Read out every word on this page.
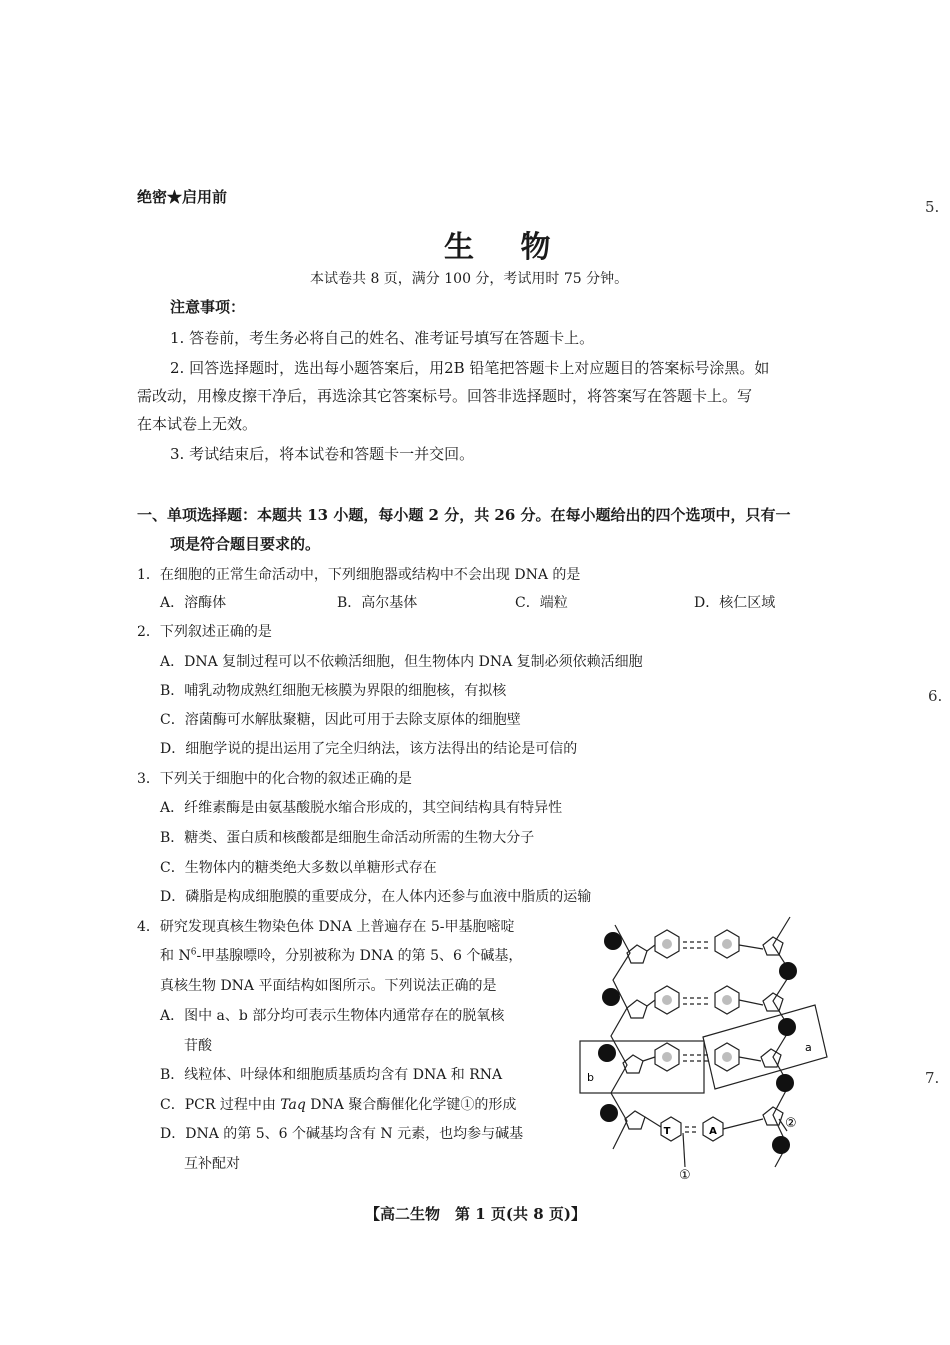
绝密★启用前
生 物
本试卷共 8 页，满分 100 分，考试用时 75 分钟。
注意事项：
1. 答卷前，考生务必将自己的姓名、准考证号填写在答题卡上。
2. 回答选择题时，选出每小题答案后，用2B 铅笔把答题卡上对应题目的答案标号涂黑。如
需改动，用橡皮擦干净后，再选涂其它答案标号。回答非选择题时，将答案写在答题卡上。写
在本试卷上无效。
3. 考试结束后，将本试卷和答题卡一并交回。
一、单项选择题：本题共 13 小题，每小题 2 分，共 26 分。在每小题给出的四个选项中，只有一
项是符合题目要求的。
1．在细胞的正常生命活动中，下列细胞器或结构中不会出现 DNA 的是
A．溶酶体	B．高尔基体	C．端粒	D．核仁区域
2．下列叙述正确的是
A．DNA 复制过程可以不依赖活细胞，但生物体内 DNA 复制必须依赖活细胞
B．哺乳动物成熟红细胞无核膜为界限的细胞核，有拟核
C．溶菌酶可水解肽聚糖，因此可用于去除支原体的细胞壁
D．细胞学说的提出运用了完全归纳法，该方法得出的结论是可信的
3．下列关于细胞中的化合物的叙述正确的是
A．纤维素酶是由氨基酸脱水缩合形成的，其空间结构具有特异性
B．糖类、蛋白质和核酸都是细胞生命活动所需的生物大分子
C．生物体内的糖类绝大多数以单糖形式存在
D．磷脂是构成细胞膜的重要成分，在人体内还参与血液中脂质的运输
4．研究发现真核生物染色体 DNA 上普遍存在 5-甲基胞嘧啶
和 $N^6-$甲基腺嘌呤，分别被称为 DNA 的第 5、6 个碱基，
真核生物 DNA 平面结构如图所示。下列说法正确的是
A．图中 a、b 部分均可表示生物体内通常存在的脱氧核
苷酸
B．线粒体、叶绿体和细胞质基质均含有 DNA 和 RNA
C．PCR 过程中由 Taq DNA 聚合酶催化化学键①的形成
D．DNA 的第 5、6 个碱基均含有 N 元素，也均参与碱基
互补配对
T	A
a
b
①
②
【高二生物　第 1 页(共 8 页)】
5.
6.
7.
